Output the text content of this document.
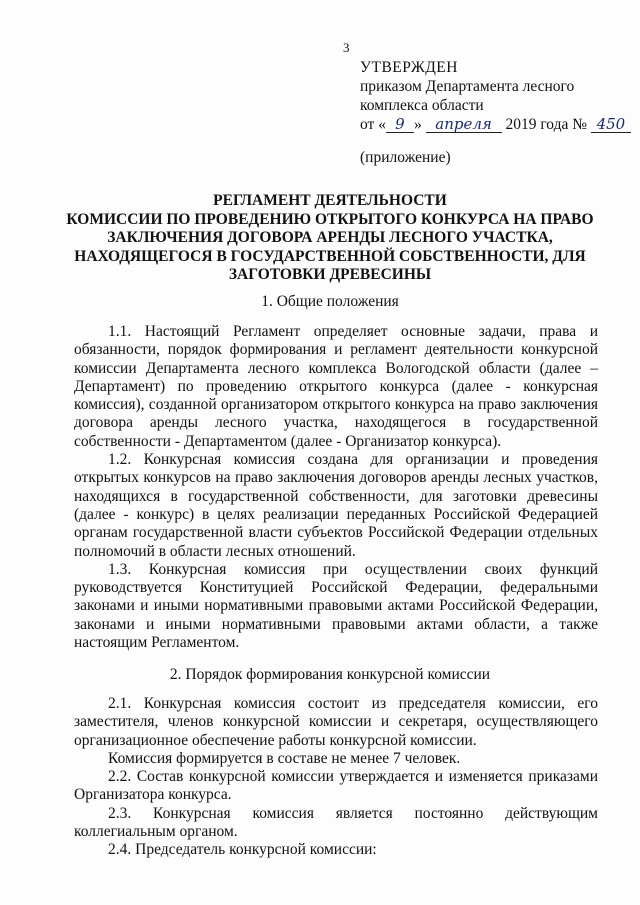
3
УТВЕРЖДЕН
приказом Департамента лесного
комплекса области
от « 9 » апреля 2019 года № 450
(приложение)
РЕГЛАМЕНТ ДЕЯТЕЛЬНОСТИ
КОМИССИИ ПО ПРОВЕДЕНИЮ ОТКРЫТОГО КОНКУРСА НА ПРАВО
ЗАКЛЮЧЕНИЯ ДОГОВОРА АРЕНДЫ ЛЕСНОГО УЧАСТКА,
НАХОДЯЩЕГОСЯ В ГОСУДАРСТВЕННОЙ СОБСТВЕННОСТИ, ДЛЯ
ЗАГОТОВКИ ДРЕВЕСИНЫ
1. Общие положения

1.1. Настоящий Регламент определяет основные задачи, права и обязанности, порядок формирования и регламент деятельности конкурсной комиссии Департамента лесного комплекса Вологодской области (далее – Департамент) по проведению открытого конкурса (далее - конкурсная комиссия), созданной организатором открытого конкурса на право заключения договора аренды лесного участка, находящегося в государственной собственности - Департаментом (далее - Организатор конкурса).

1.2. Конкурсная комиссия создана для организации и проведения открытых конкурсов на право заключения договоров аренды лесных участков, находящихся в государственной собственности, для заготовки древесины (далее - конкурс) в целях реализации переданных Российской Федерацией органам государственной власти субъектов Российской Федерации отдельных полномочий в области лесных отношений.

1.3. Конкурсная комиссия при осуществлении своих функций руководствуется Конституцией Российской Федерации, федеральными законами и иными нормативными правовыми актами Российской Федерации, законами и иными нормативными правовыми актами области, а также настоящим Регламентом.

2. Порядок формирования конкурсной комиссии

2.1. Конкурсная комиссия состоит из председателя комиссии, его заместителя, членов конкурсной комиссии и секретаря, осуществляющего организационное обеспечение работы конкурсной комиссии.

Комиссия формируется в составе не менее 7 человек.

2.2. Состав конкурсной комиссии утверждается и изменяется приказами Организатора конкурса.

2.3. Конкурсная комиссия является постоянно действующим коллегиальным органом.

2.4. Председатель конкурсной комиссии:
